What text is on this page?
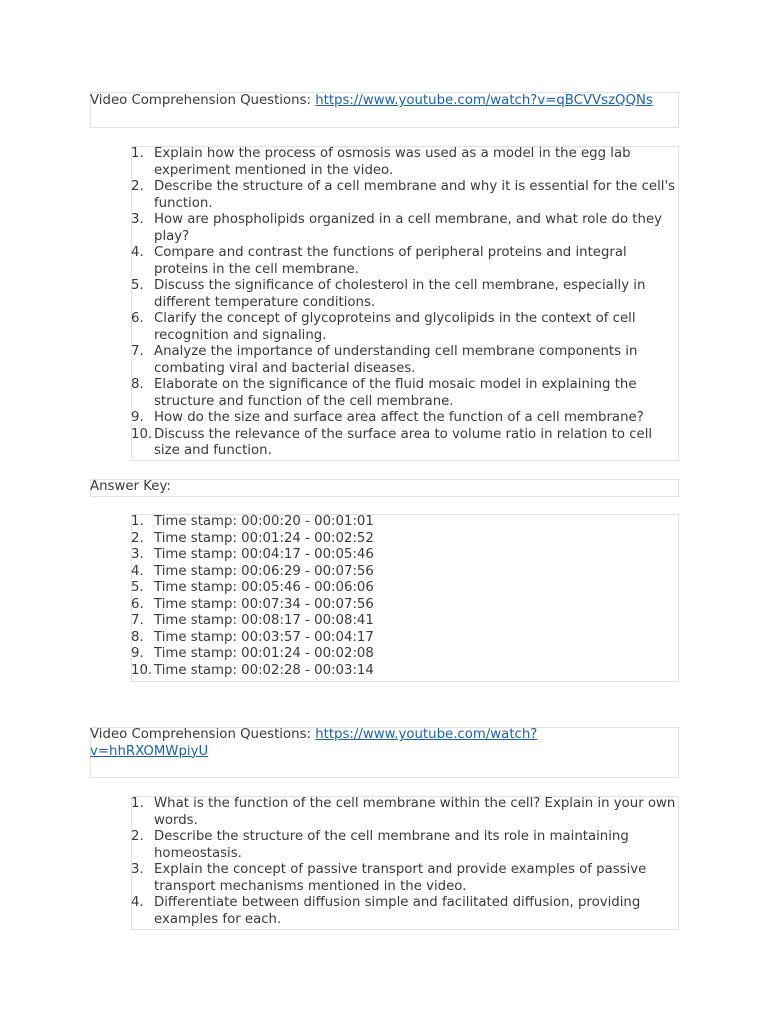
Video Comprehension Questions: https://www.youtube.com/watch?v=qBCVVszQQNs

1. Explain how the process of osmosis was used as a model in the egg lab experiment mentioned in the video.
2. Describe the structure of a cell membrane and why it is essential for the cell's function.
3. How are phospholipids organized in a cell membrane, and what role do they play?
4. Compare and contrast the functions of peripheral proteins and integral proteins in the cell membrane.
5. Discuss the significance of cholesterol in the cell membrane, especially in different temperature conditions.
6. Clarify the concept of glycoproteins and glycolipids in the context of cell recognition and signaling.
7. Analyze the importance of understanding cell membrane components in combating viral and bacterial diseases.
8. Elaborate on the significance of the fluid mosaic model in explaining the structure and function of the cell membrane.
9. How do the size and surface area affect the function of a cell membrane?
10. Discuss the relevance of the surface area to volume ratio in relation to cell size and function.

Answer Key:

1. Time stamp: 00:00:20 - 00:01:01
2. Time stamp: 00:01:24 - 00:02:52
3. Time stamp: 00:04:17 - 00:05:46
4. Time stamp: 00:06:29 - 00:07:56
5. Time stamp: 00:05:46 - 00:06:06
6. Time stamp: 00:07:34 - 00:07:56
7. Time stamp: 00:08:17 - 00:08:41
8. Time stamp: 00:03:57 - 00:04:17
9. Time stamp: 00:01:24 - 00:02:08
10. Time stamp: 00:02:28 - 00:03:14

Video Comprehension Questions: https://www.youtube.com/watch?
v=hhRXOMWpiyU

1. What is the function of the cell membrane within the cell? Explain in your own words.
2. Describe the structure of the cell membrane and its role in maintaining homeostasis.
3. Explain the concept of passive transport and provide examples of passive transport mechanisms mentioned in the video.
4. Differentiate between diffusion simple and facilitated diffusion, providing examples for each.
